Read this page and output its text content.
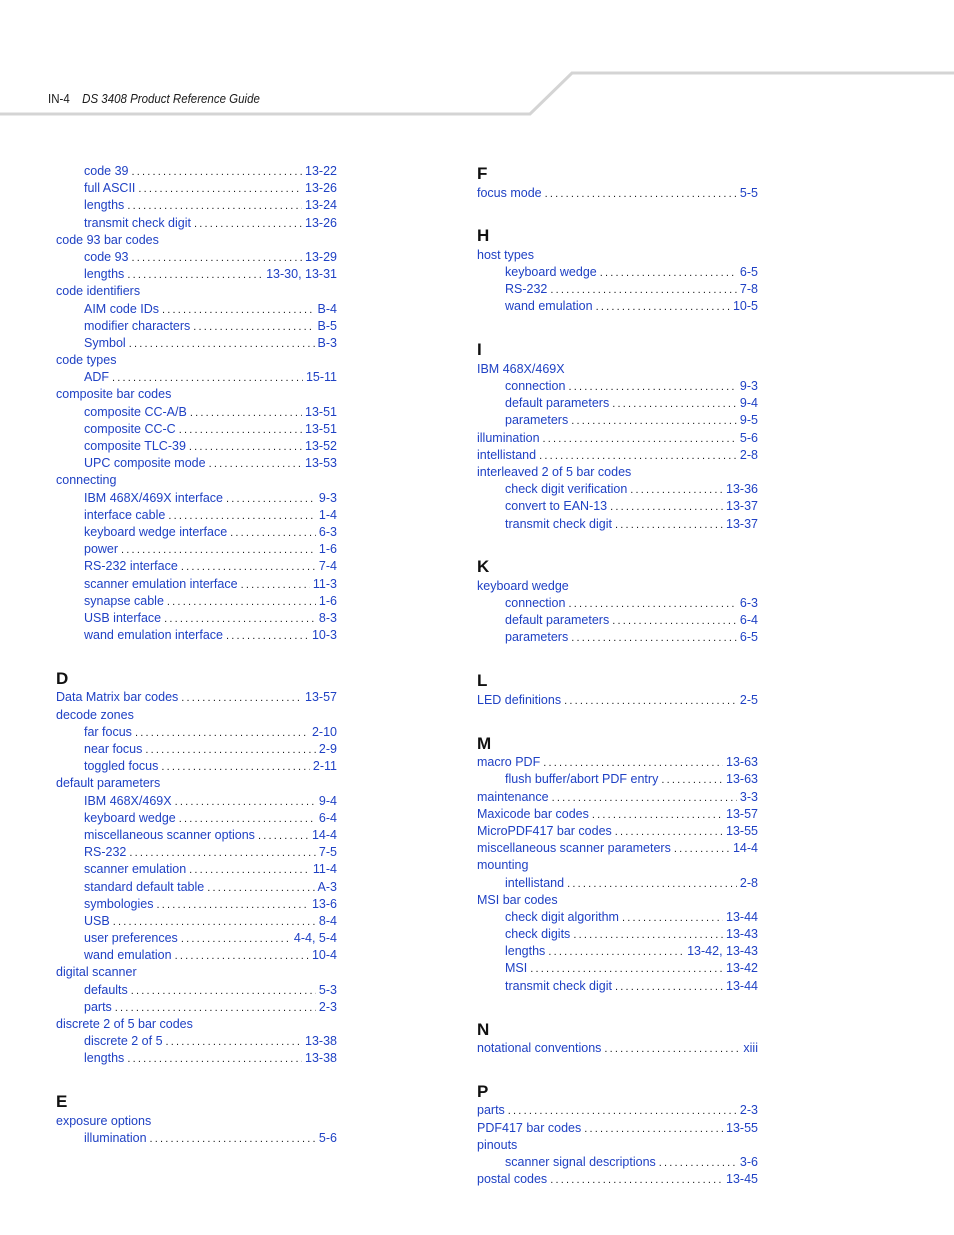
IN-4 DS 3408 Product Reference Guide
code 39 .....	13-22
full ASCII .....	13-26
lengths .....	13-24
transmit check digit .....	13-26
code 93 bar codes
code 93 .....	13-29
lengths .....	13-30, 13-31
code identifiers
AIM code IDs .....	B-4
modifier characters .....	B-5
Symbol .....	B-3
code types
ADF .....	15-11
composite bar codes
composite CC-A/B .....	13-51
composite CC-C .....	13-51
composite TLC-39 .....	13-52
UPC composite mode .....	13-53
connecting
IBM 468X/469X interface .....	9-3
interface cable .....	1-4
keyboard wedge interface .....	6-3
power .....	1-6
RS-232 interface .....	7-4
scanner emulation interface .....	11-3
synapse cable .....	1-6
USB interface .....	8-3
wand emulation interface .....	10-3
D
Data Matrix bar codes .....	13-57
decode zones
far focus .....	2-10
near focus .....	2-9
toggled focus .....	2-11
default parameters
IBM 468X/469X .....	9-4
keyboard wedge .....	6-4
miscellaneous scanner options .....	14-4
RS-232 .....	7-5
scanner emulation .....	11-4
standard default table .....	A-3
symbologies .....	13-6
USB .....	8-4
user preferences .....	4-4, 5-4
wand emulation .....	10-4
digital scanner
defaults .....	5-3
parts .....	2-3
discrete 2 of 5 bar codes
discrete 2 of 5 .....	13-38
lengths .....	13-38
E
exposure options
illumination .....	5-6
F
focus mode .....	5-5
H
host types
keyboard wedge .....	6-5
RS-232 .....	7-8
wand emulation .....	10-5
I
IBM 468X/469X
connection .....	9-3
default parameters .....	9-4
parameters .....	9-5
illumination .....	5-6
intellistand .....	2-8
interleaved 2 of 5 bar codes
check digit verification .....	13-36
convert to EAN-13 .....	13-37
transmit check digit .....	13-37
K
keyboard wedge
connection .....	6-3
default parameters .....	6-4
parameters .....	6-5
L
LED definitions .....	2-5
M
macro PDF .....	13-63
flush buffer/abort PDF entry .....	13-63
maintenance .....	3-3
Maxicode bar codes .....	13-57
MicroPDF417 bar codes .....	13-55
miscellaneous scanner parameters .....	14-4
mounting
intellistand .....	2-8
MSI bar codes
check digit algorithm .....	13-44
check digits .....	13-43
lengths .....	13-42, 13-43
MSI .....	13-42
transmit check digit .....	13-44
N
notational conventions .....	xiii
P
parts .....	2-3
PDF417 bar codes .....	13-55
pinouts
scanner signal descriptions .....	3-6
postal codes .....	13-45
